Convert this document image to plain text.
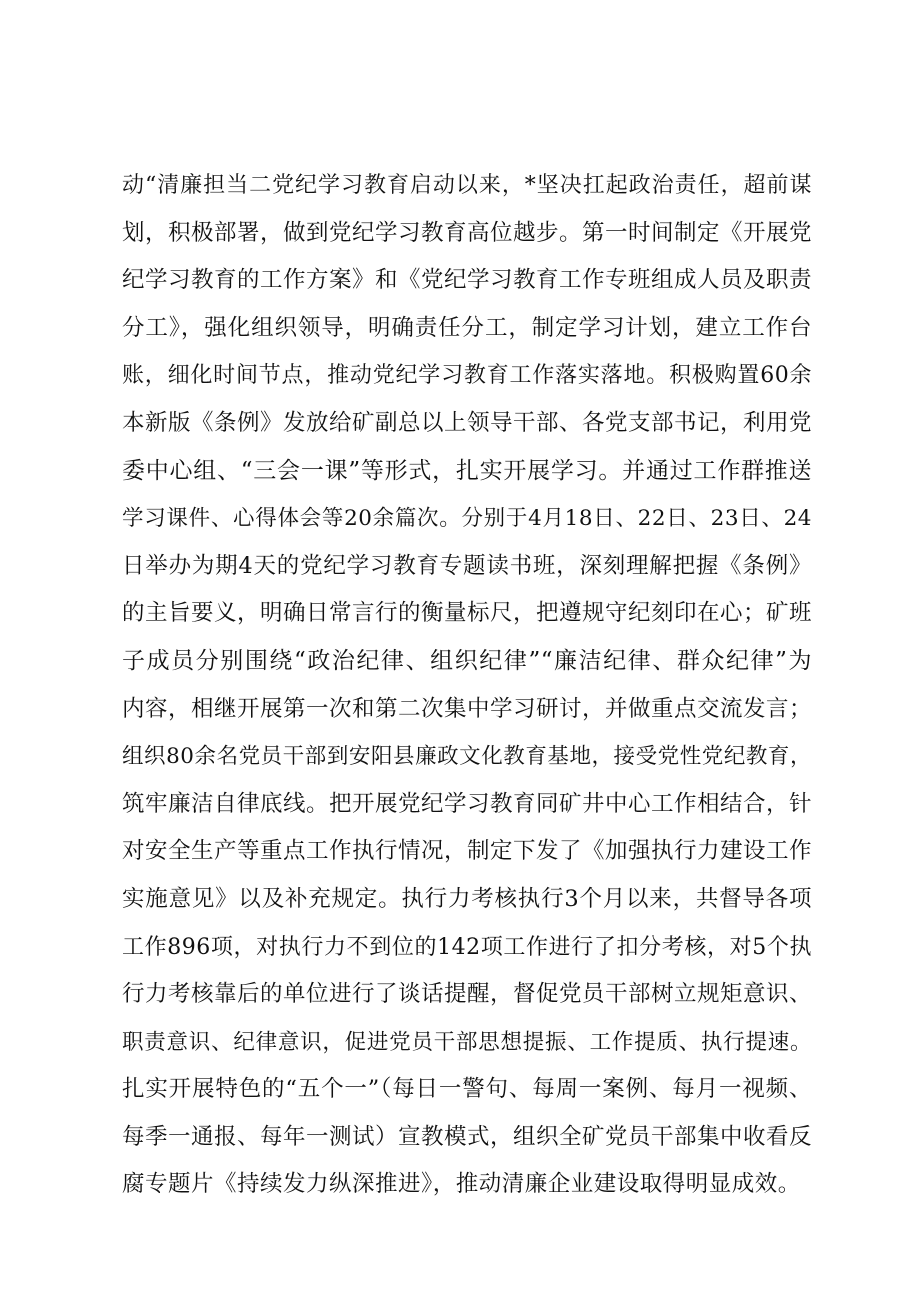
动“清廉担当二党纪学习教育启动以来，*坚决扛起政治责任，超前谋
划，积极部署，做到党纪学习教育高位越步。第一时间制定《开展党
纪学习教育的工作方案》和《党纪学习教育工作专班组成人员及职责
分工》，强化组织领导，明确责任分工，制定学习计划，建立工作台
账，细化时间节点，推动党纪学习教育工作落实落地。积极购置60余
本新版《条例》发放给矿副总以上领导干部、各党支部书记，利用党
委中心组、“三会一课”等形式，扎实开展学习。并通过工作群推送
学习课件、心得体会等20余篇次。分别于4月18日、22日、23日、24
日举办为期4天的党纪学习教育专题读书班，深刻理解把握《条例》
的主旨要义，明确日常言行的衡量标尺，把遵规守纪刻印在心；矿班
子成员分别围绕“政治纪律、组织纪律”“廉洁纪律、群众纪律”为
内容，相继开展第一次和第二次集中学习研讨，并做重点交流发言；
组织80余名党员干部到安阳县廉政文化教育基地，接受党性党纪教育，
筑牢廉洁自律底线。把开展党纪学习教育同矿井中心工作相结合，针
对安全生产等重点工作执行情况，制定下发了《加强执行力建设工作
实施意见》以及补充规定。执行力考核执行3个月以来，共督导各项
工作896项，对执行力不到位的142项工作进行了扣分考核，对5个执
行力考核靠后的单位进行了谈话提醒，督促党员干部树立规矩意识、
职责意识、纪律意识，促进党员干部思想提振、工作提质、执行提速。
扎实开展特色的“五个一”（每日一警句、每周一案例、每月一视频、
每季一通报、每年一测试）宣教模式，组织全矿党员干部集中收看反
腐专题片《持续发力纵深推进》，推动清廉企业建设取得明显成效。
